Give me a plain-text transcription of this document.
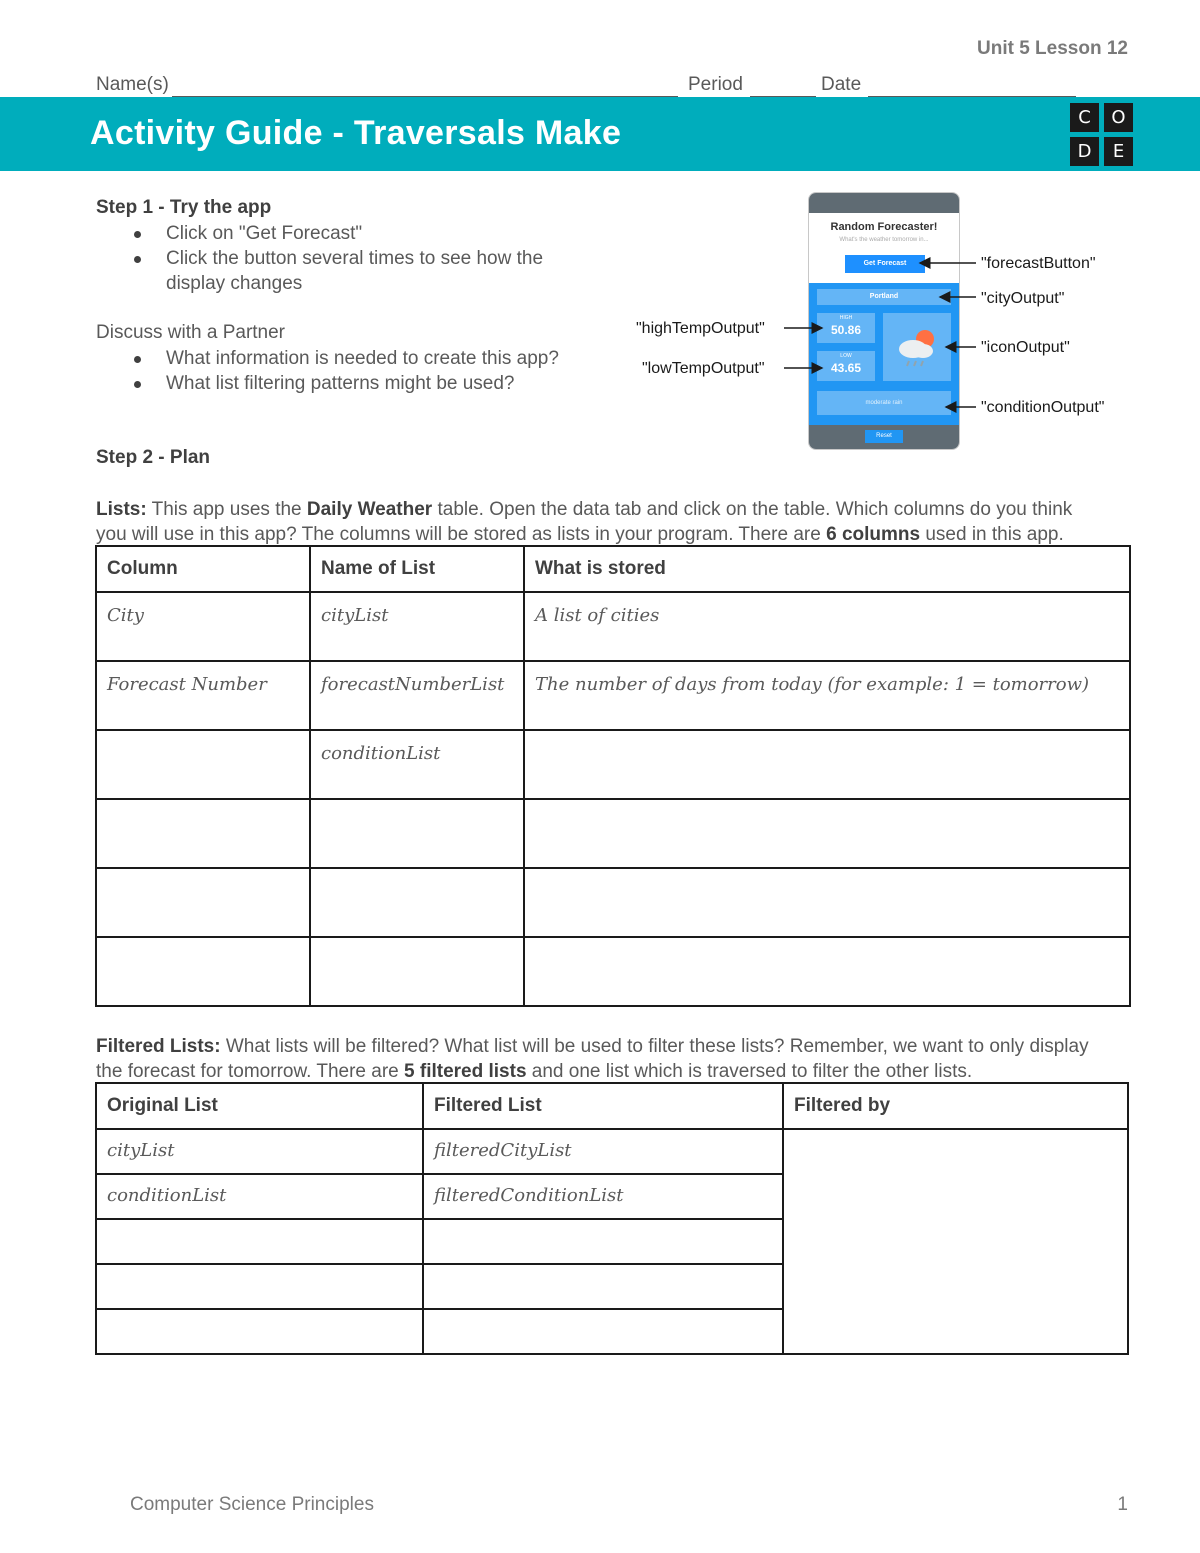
Unit 5 Lesson 12
Name(s)	Period	Date
Activity Guide - Traversals Make	C	O
D	E
Step 1 - Try the app
Click on "Get Forecast"
Click the button several times to see how the
display changes
Discuss with a Partner
What information is needed to create this app?
What list filtering patterns might be used?
Random Forecaster!
What's the weather tomorrow in...
Get Forecast
Portland
HIGH
50.86
LOW
43.65
moderate rain
Reset
"forecastButton"
"cityOutput"
"highTempOutput"
"iconOutput"
"lowTempOutput"
"conditionOutput"
Step 2 - Plan
Lists: This app uses the Daily Weather table. Open the data tab and click on the table. Which columns do you think
you will use in this app? The columns will be stored as lists in your program. There are 6 columns used in this app.
Column	Name of List	What is stored
City	cityList	A list of cities
Forecast Number	forecastNumberList	The number of days from today (for example: 1 = tomorrow)
	conditionList	

Filtered Lists: What lists will be filtered? What list will be used to filter these lists? Remember, we want to only display
the forecast for tomorrow. There are 5 filtered lists and one list which is traversed to filter the other lists.
Original List	Filtered List	Filtered by
cityList	filteredCityList	
conditionList	filteredConditionList	

Computer Science Principles	1
